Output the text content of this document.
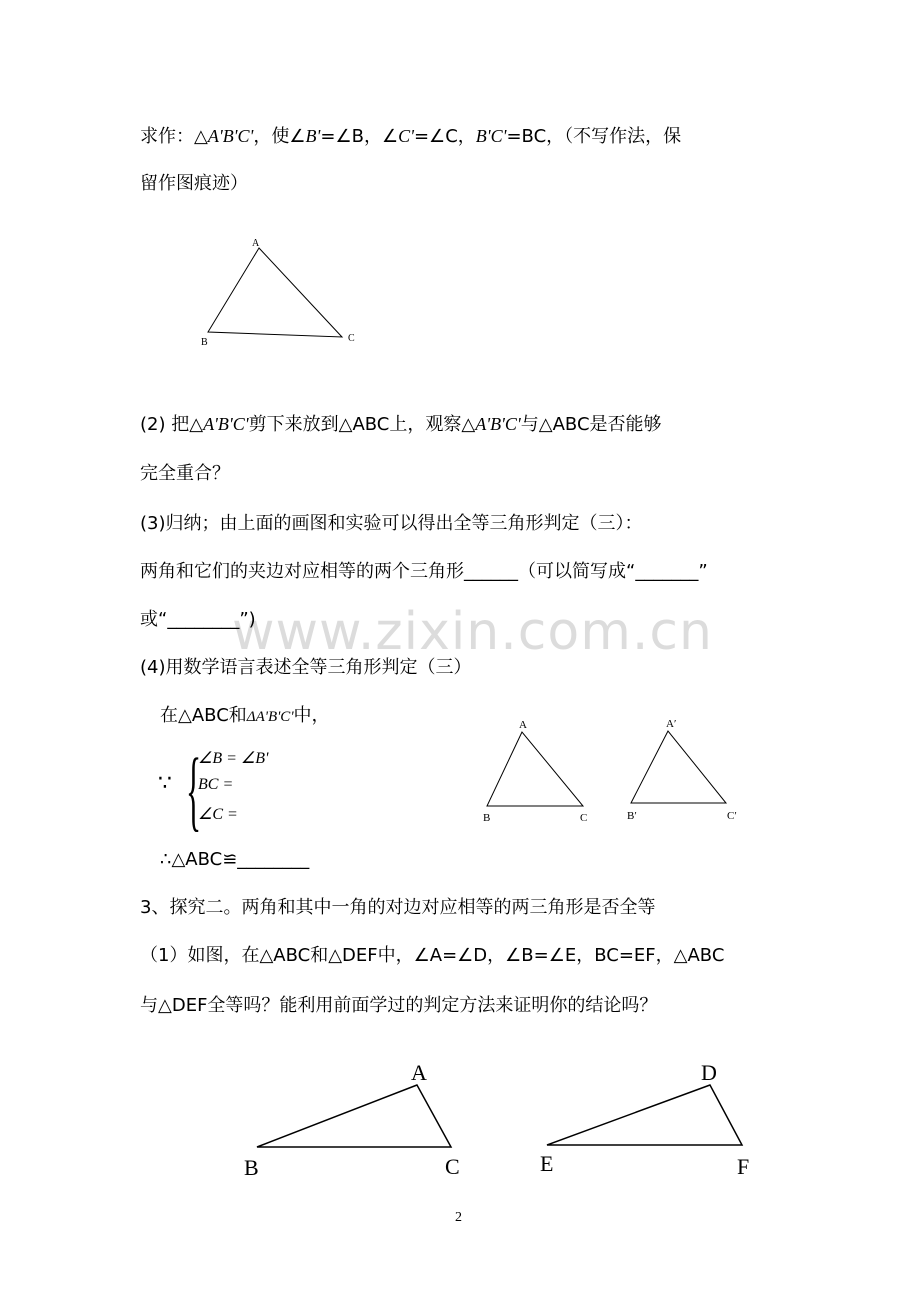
www.zixin.com.cn
求作：△A'B'C'，使∠B'=∠B，∠C'=∠C，B'C'=BC，（不写作法，保
留作图痕迹）
A
B	C
A
B	C
A′
B′	C′
A
B	C
D
E	F
(2) 把△A'B'C'剪下来放到△ABC上，观察△A'B'C'与△ABC是否能够
完全重合？
(3)归纳；由上面的画图和实验可以得出全等三角形判定（三）：
两角和它们的夹边对应相等的两个三角形______（可以简写成“_______”
或“________”)
(4)用数学语言表述全等三角形判定（三）
在△ABC和ΔA'B'C'中，
∵ {
∠B = ∠B'
BC =
∠C =
∴△ABC≌________
3、探究二。两角和其中一角的对边对应相等的两三角形是否全等
（1）如图，在△ABC和△DEF中，∠A=∠D，∠B=∠E，BC=EF，△ABC
与△DEF全等吗？能利用前面学过的判定方法来证明你的结论吗？
2
